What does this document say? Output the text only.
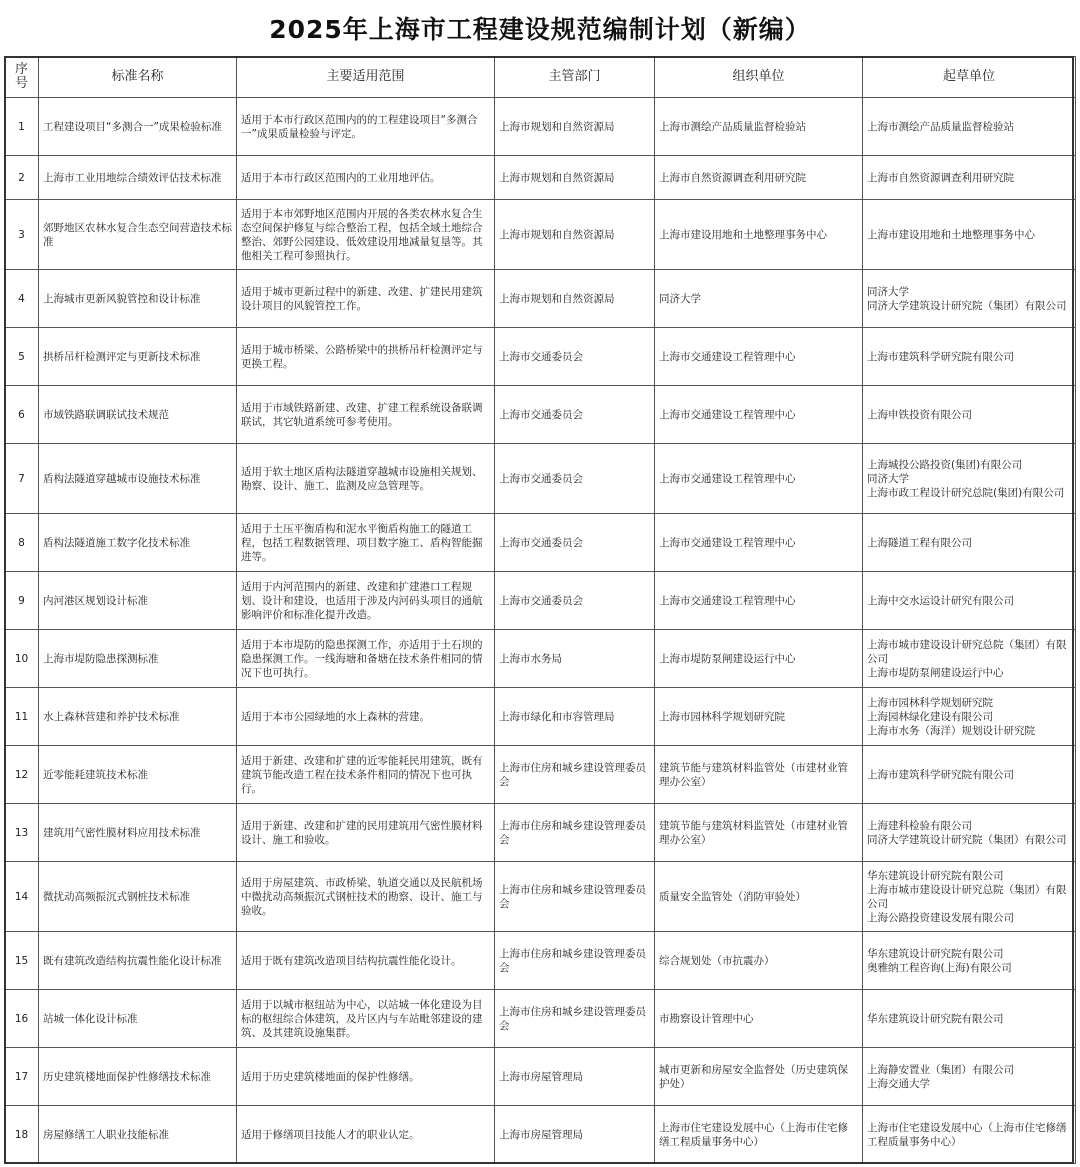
2025年上海市工程建设规范编制计划（新编）
序号	标准名称	主要适用范围	主管部门	组织单位	起草单位
1	工程建设项目“多测合一”成果检验标准	适用于本市行政区范围内的的工程建设项目“多测合一”成果质量检验与评定。	上海市规划和自然资源局	上海市测绘产品质量监督检验站	上海市测绘产品质量监督检验站

2	上海市工业用地综合绩效评估技术标准	适用于本市行政区范围内的工业用地评估。	上海市规划和自然资源局	上海市自然资源调查利用研究院	上海市自然资源调查利用研究院

3	郊野地区农林水复合生态空间营造技术标准	适用于本市郊野地区范围内开展的各类农林水复合生态空间保护修复与综合整治工程，包括全域土地综合整治、郊野公园建设、低效建设用地减量复垦等。其他相关工程可参照执行。	上海市规划和自然资源局	上海市建设用地和土地整理事务中心	上海市建设用地和土地整理事务中心

4	上海城市更新风貌管控和设计标准	适用于城市更新过程中的新建、改建、扩建民用建筑设计项目的风貌管控工作。	上海市规划和自然资源局	同济大学	同济大学
同济大学建筑设计研究院（集团）有限公司

5	拱桥吊杆检测评定与更新技术标准	适用于城市桥梁、公路桥梁中的拱桥吊杆检测评定与更换工程。	上海市交通委员会	上海市交通建设工程管理中心	上海市建筑科学研究院有限公司

6	市域铁路联调联试技术规范	适用于市域铁路新建、改建、扩建工程系统设备联调联试，其它轨道系统可参考使用。	上海市交通委员会	上海市交通建设工程管理中心	上海申铁投资有限公司

7	盾构法隧道穿越城市设施技术标准	适用于软土地区盾构法隧道穿越城市设施相关规划、勘察、设计、施工、监测及应急管理等。	上海市交通委员会	上海市交通建设工程管理中心	上海城投公路投资(集团)有限公司
同济大学
上海市政工程设计研究总院(集团)有限公司

8	盾构法隧道施工数字化技术标准	适用于土压平衡盾构和泥水平衡盾构施工的隧道工程，包括工程数据管理、项目数字施工、盾构智能掘进等。	上海市交通委员会	上海市交通建设工程管理中心	上海隧道工程有限公司

9	内河港区规划设计标准	适用于内河范围内的新建、改建和扩建港口工程规划、设计和建设，也适用于涉及内河码头项目的通航影响评价和标准化提升改造。	上海市交通委员会	上海市交通建设工程管理中心	上海中交水运设计研究有限公司

10	上海市堤防隐患探测标准	适用于本市堤防的隐患探测工作，亦适用于土石坝的隐患探测工作。一线海塘和备塘在技术条件相同的情况下也可执行。	上海市水务局	上海市堤防泵闸建设运行中心	上海市城市建设设计研究总院（集团）有限公司
上海市堤防泵闸建设运行中心

11	水上森林营建和养护技术标准	适用于本市公园绿地的水上森林的营建。	上海市绿化和市容管理局	上海市园林科学规划研究院	上海市园林科学规划研究院
上海园林绿化建设有限公司
上海市水务（海洋）规划设计研究院

12	近零能耗建筑技术标准	适用于新建、改建和扩建的近零能耗民用建筑，既有建筑节能改造工程在技术条件相同的情况下也可执行。	上海市住房和城乡建设管理委员会	建筑节能与建筑材料监管处（市建材业管理办公室）	上海市建筑科学研究院有限公司

13	建筑用气密性膜材料应用技术标准	适用于新建、改建和扩建的民用建筑用气密性膜材料设计、施工和验收。	上海市住房和城乡建设管理委员会	建筑节能与建筑材料监管处（市建材业管理办公室）	上海建科检验有限公司
同济大学建筑设计研究院（集团）有限公司

14	微扰动高频振沉式钢桩技术标准	适用于房屋建筑、市政桥梁、轨道交通以及民航机场中微扰动高频振沉式钢桩技术的勘察、设计、施工与验收。	上海市住房和城乡建设管理委员会	质量安全监管处（消防审验处）	华东建筑设计研究院有限公司
上海市城市建设设计研究总院（集团）有限公司
上海公路投资建设发展有限公司

15	既有建筑改造结构抗震性能化设计标准	适用于既有建筑改造项目结构抗震性能化设计。	上海市住房和城乡建设管理委员会	综合规划处（市抗震办）	华东建筑设计研究院有限公司
奥雅纳工程咨询(上海)有限公司

16	站城一体化设计标准	适用于以城市枢纽站为中心，以站城一体化建设为目标的枢纽综合体建筑，及片区内与车站毗邻建设的建筑、及其建筑设施集群。	上海市住房和城乡建设管理委员会	市勘察设计管理中心	华东建筑设计研究院有限公司

17	历史建筑楼地面保护性修缮技术标准	适用于历史建筑楼地面的保护性修缮。	上海市房屋管理局	城市更新和房屋安全监督处（历史建筑保护处）	上海静安置业（集团）有限公司
上海交通大学

18	房屋修缮工人职业技能标准	适用于修缮项目技能人才的职业认定。	上海市房屋管理局	上海市住宅建设发展中心（上海市住宅修缮工程质量事务中心）	上海市住宅建设发展中心（上海市住宅修缮工程质量事务中心）
